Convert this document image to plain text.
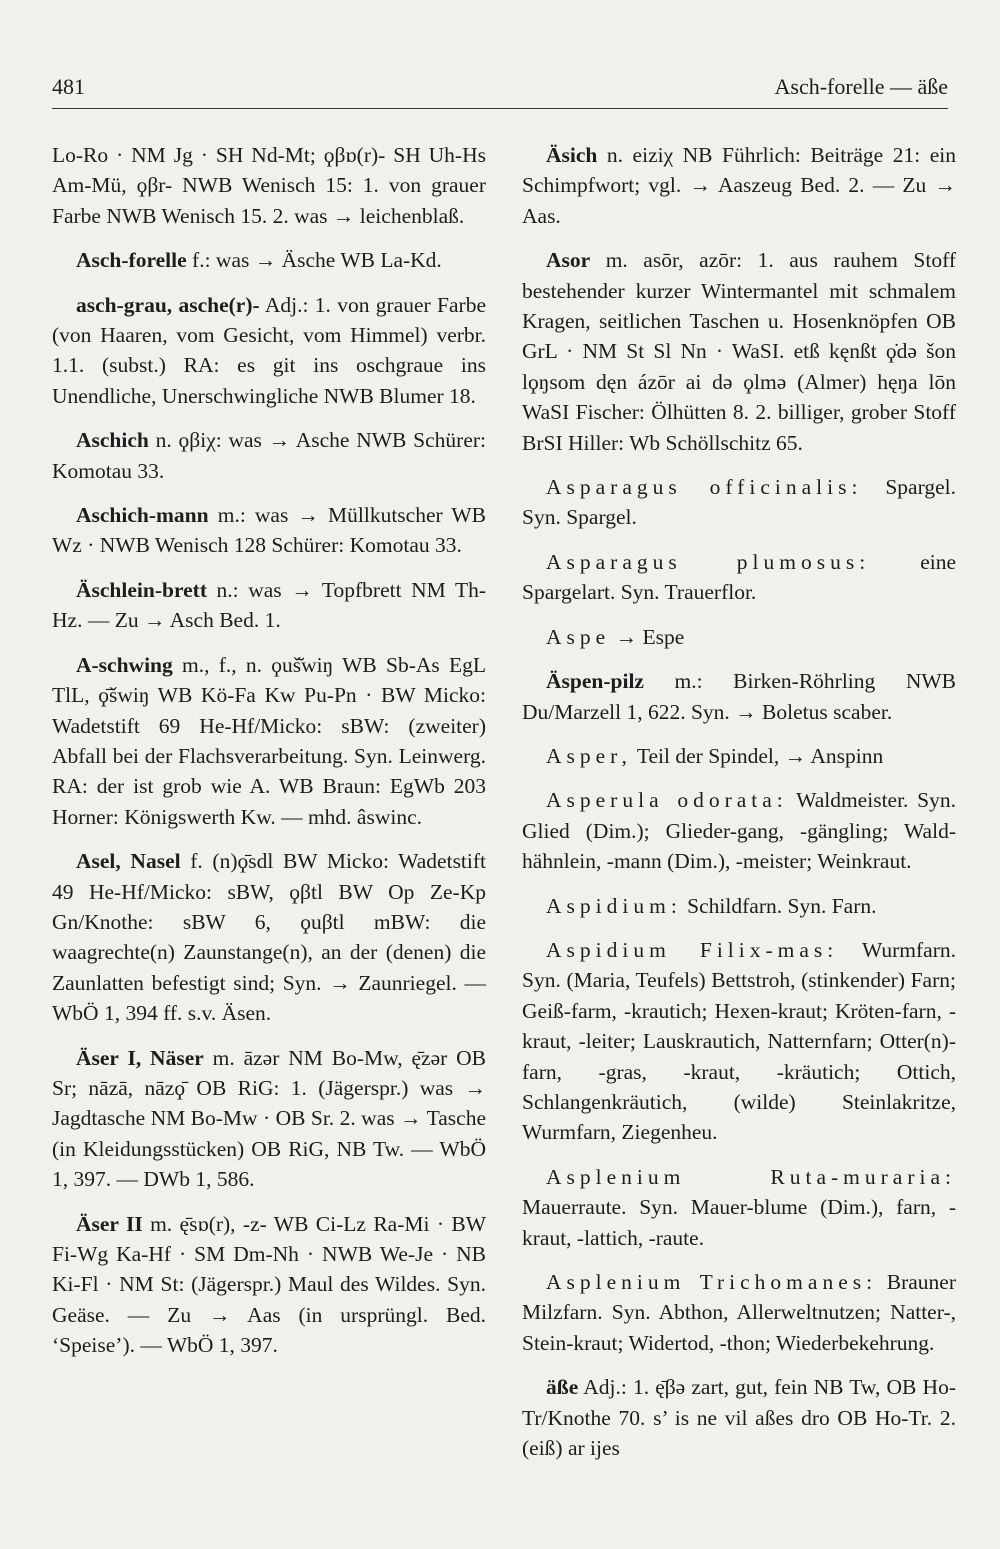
481	Asch-forelle — äße

Lo-Ro · NM Jg · SH Nd-Mt; ϙβɒ(r)- SH Uh-Hs Am-Mü, ϙβr- NWB Wenisch 15: 1. von grauer Farbe NWB Wenisch 15. 2. was → leichenblaß.

Asch-forelle f.: was → Äsche WB La-Kd.

asch-grau, asche(r)- Adj.: 1. von grauer Farbe (von Haaren, vom Gesicht, vom Himmel) verbr. 1.1. (subst.) RA: es git ins oschgraue ins Unendliche, Unerschwingliche NWB Blumer 18.

Aschich n. ϙβiχ: was → Asche NWB Schürer: Komotau 33.

Aschich-mann m.: was → Müllkutscher WB Wz · NWB Wenisch 128 Schürer: Komotau 33.

Äschlein-brett n.: was → Topfbrett NM Th-Hz. — Zu → Asch Bed. 1.

A-schwing m., f., n. ϙuš̆wiŋ WB Sb-As EgL TlL, ϙ̄šwiŋ WB Kö-Fa Kw Pu-Pn · BW Micko: Wadetstift 69 He-Hf/Micko: sBW: (zweiter) Abfall bei der Flachsverarbeitung. Syn. Leinwerg. RA: der ist grob wie A. WB Braun: EgWb 203 Horner: Königswerth Kw. — mhd. âswinc.

Asel, Nasel f. (n)ϙ̄sdl BW Micko: Wadetstift 49 He-Hf/Micko: sBW, ϙβtl BW Op Ze-Kp Gn/Knothe: sBW 6, ϙuβtl mBW: die waagrechte(n) Zaunstange(n), an der (denen) die Zaunlatten befestigt sind; Syn. → Zaunriegel. — WbÖ 1, 394 ff. s.v. Äsen.

Äser I, Näser m. āzər NM Bo-Mw, ę̄zər OB Sr; nāzā, nāzϙ̄ OB RiG: 1. (Jägerspr.) was → Jagdtasche NM Bo-Mw · OB Sr. 2. was → Tasche (in Kleidungsstücken) OB RiG, NB Tw. — WbÖ 1, 397. — DWb 1, 586.

Äser II m. ę̄sɒ(r), -z- WB Ci-Lz Ra-Mi · BW Fi-Wg Ka-Hf · SM Dm-Nh · NWB We-Je · NB Ki-Fl · NM St: (Jägerspr.) Maul des Wildes. Syn. Geäse. — Zu → Aas (in ursprüngl. Bed. ‘Speise’). — WbÖ 1, 397.

Äsich n. eiziχ NB Führlich: Beiträge 21: ein Schimpfwort; vgl. → Aaszeug Bed. 2. — Zu → Aas.

Asor m. asōr, azōr: 1. aus rauhem Stoff bestehender kurzer Wintermantel mit schmalem Kragen, seitlichen Taschen u. Hosenknöpfen OB GrL · NM St Sl Nn · WaSI. etß kęnßt ϙ̇də šon lϙŋsom dęn ázōr ai də ϙlmə (Almer) hęŋa lōn WaSI Fischer: Ölhütten 8. 2. billiger, grober Stoff BrSI Hiller: Wb Schöllschitz 65.

Asparagus officinalis: Spargel. Syn. Spargel.

Asparagus plumosus: eine Spargelart. Syn. Trauerflor.

Aspe → Espe

Äspen-pilz m.: Birken-Röhrling NWB Du/Marzell 1, 622. Syn. → Boletus scaber.

Asper, Teil der Spindel, → Anspinn

Asperula odorata: Waldmeister. Syn. Glied (Dim.); Glieder-gang, -gängling; Wald-hähnlein, -mann (Dim.), -meister; Weinkraut.

Aspidium: Schildfarn. Syn. Farn.

Aspidium Filix-mas: Wurmfarn. Syn. (Maria, Teufels) Bettstroh, (stinkender) Farn; Geiß-farm, -krautich; Hexen-kraut; Kröten-farn, -kraut, -leiter; Lauskrautich, Natternfarn; Otter(n)-farn, -gras, -kraut, -kräutich; Ottich, Schlangenkräutich, (wilde) Steinlakritze, Wurmfarn, Ziegenheu.

Asplenium Ruta-muraria: Mauerraute. Syn. Mauer-blume (Dim.), farn, -kraut, -lattich, -raute.

Asplenium Trichomanes: Brauner Milzfarn. Syn. Abthon, Allerweltnutzen; Natter-, Stein-kraut; Widertod, -thon; Wiederbekehrung.

äße Adj.: 1. ę̄βə zart, gut, fein NB Tw, OB Ho-Tr/Knothe 70. s’ is ne vil aßes dro OB Ho-Tr. 2. (eiß) ar ijes
